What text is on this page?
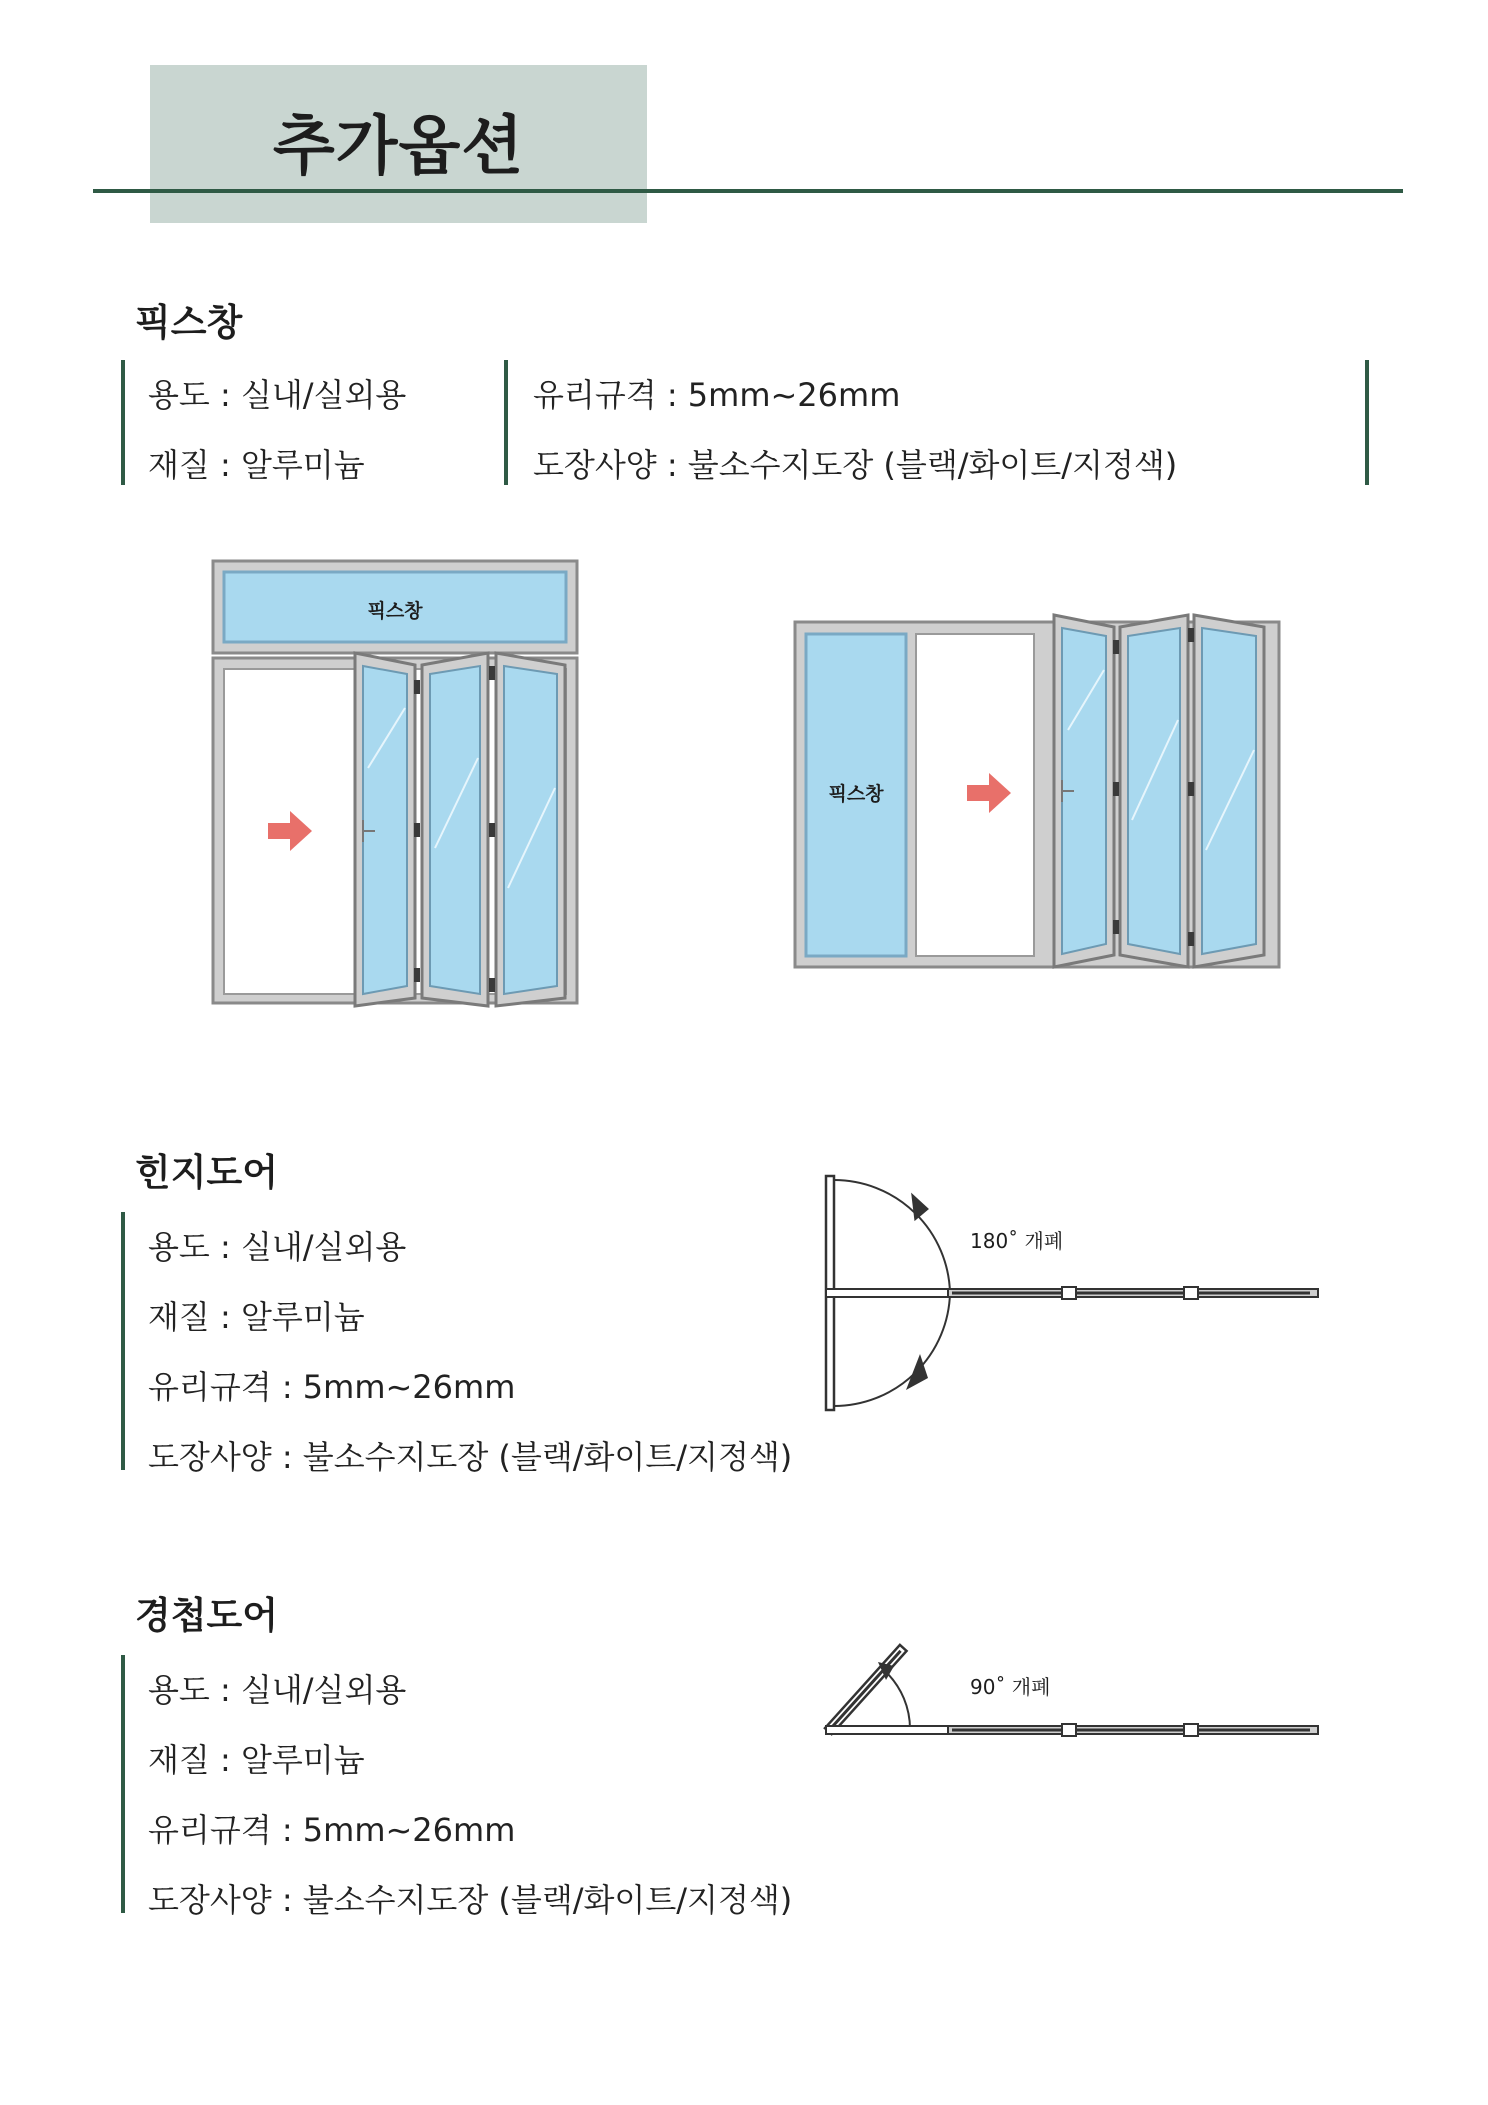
추가옵션
픽스창
용도 : 실내/실외용
재질 : 알루미늄
유리규격 : 5mm~26mm
도장사양 : 불소수지도장 (블랙/화이트/지정색)
픽스창
픽스창
힌지도어
용도 : 실내/실외용
재질 : 알루미늄
유리규격 : 5mm~26mm
도장사양 : 불소수지도장 (블랙/화이트/지정색)
180˚ 개폐
경첩도어
용도 : 실내/실외용
재질 : 알루미늄
유리규격 : 5mm~26mm
도장사양 : 불소수지도장 (블랙/화이트/지정색)
90˚ 개폐
